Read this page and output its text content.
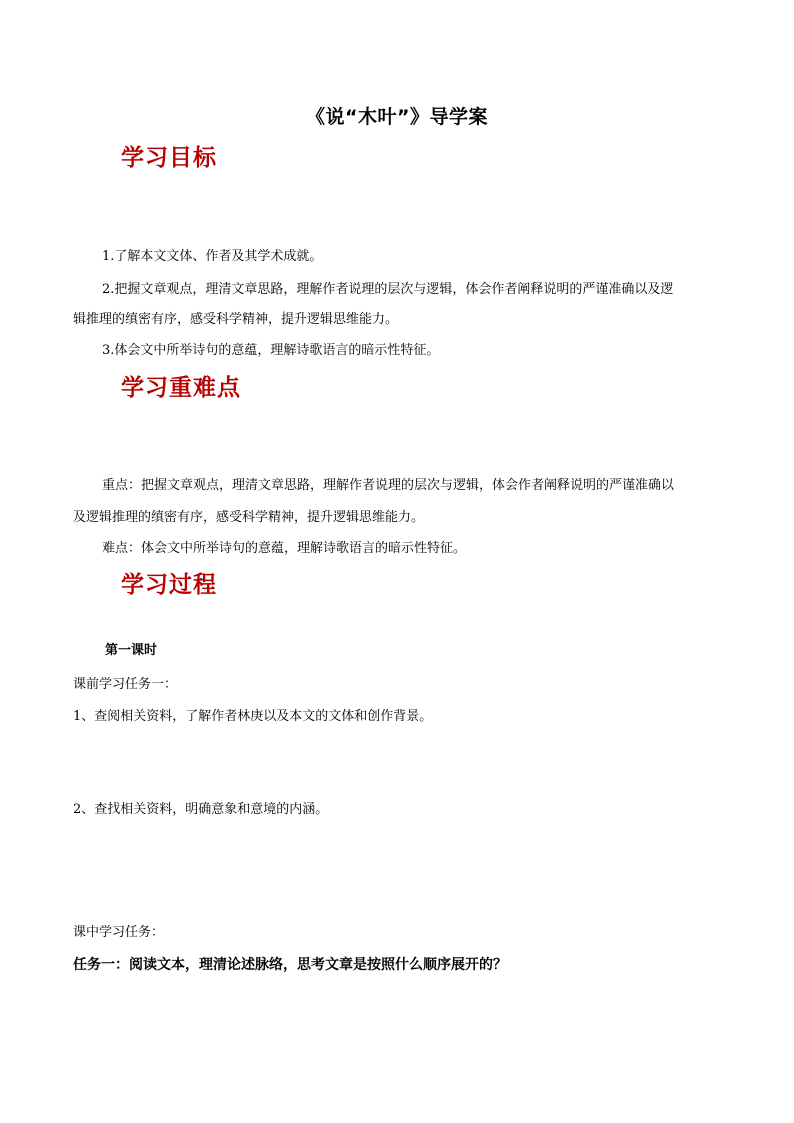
《说“木叶”》导学案
学习目标
1.了解本文文体、作者及其学术成就。
2.把握文章观点，理清文章思路，理解作者说理的层次与逻辑，体会作者阐释说明的严谨准确以及逻
辑推理的缜密有序，感受科学精神，提升逻辑思维能力。
3.体会文中所举诗句的意蕴，理解诗歌语言的暗示性特征。
学习重难点
重点：把握文章观点，理清文章思路，理解作者说理的层次与逻辑，体会作者阐释说明的严谨准确以
及逻辑推理的缜密有序，感受科学精神，提升逻辑思维能力。
难点：体会文中所举诗句的意蕴，理解诗歌语言的暗示性特征。
学习过程
第一课时
课前学习任务一：
1、查阅相关资料，了解作者林庚以及本文的文体和创作背景。
2、查找相关资料，明确意象和意境的内涵。
课中学习任务：
任务一：阅读文本，理清论述脉络，思考文章是按照什么顺序展开的？
